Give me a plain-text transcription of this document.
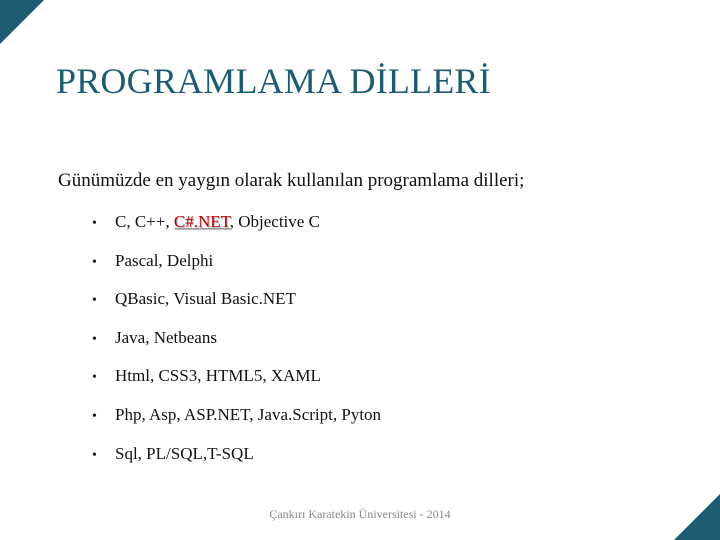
PROGRAMLAMA DİLLERİ

Günümüzde en yaygın olarak kullanılan programlama dilleri;

• C, C++, C#.NET, Objective C
• Pascal, Delphi
• QBasic, Visual Basic.NET
• Java, Netbeans
• Html, CSS3, HTML5, XAML
• Php, Asp, ASP.NET, Java.Script, Pyton
• Sql, PL/SQL,T-SQL

Çankırı Karatekin Üniversitesi - 2014
